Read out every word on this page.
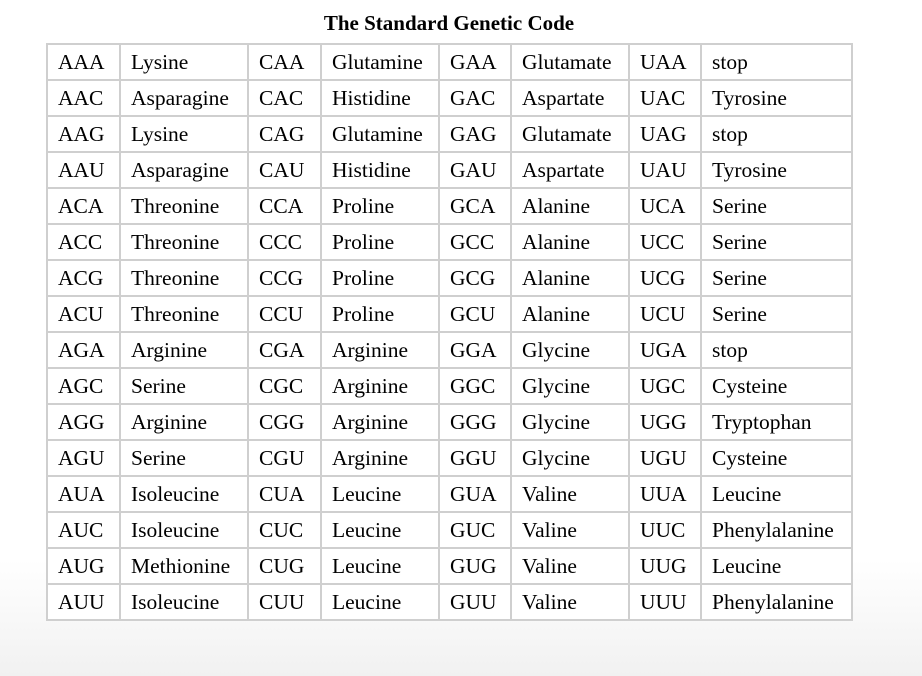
The Standard Genetic Code
AAA	Lysine	CAA	Glutamine	GAA	Glutamate	UAA	stop
AAC	Asparagine	CAC	Histidine	GAC	Aspartate	UAC	Tyrosine
AAG	Lysine	CAG	Glutamine	GAG	Glutamate	UAG	stop
AAU	Asparagine	CAU	Histidine	GAU	Aspartate	UAU	Tyrosine
ACA	Threonine	CCA	Proline	GCA	Alanine	UCA	Serine
ACC	Threonine	CCC	Proline	GCC	Alanine	UCC	Serine
ACG	Threonine	CCG	Proline	GCG	Alanine	UCG	Serine
ACU	Threonine	CCU	Proline	GCU	Alanine	UCU	Serine
AGA	Arginine	CGA	Arginine	GGA	Glycine	UGA	stop
AGC	Serine	CGC	Arginine	GGC	Glycine	UGC	Cysteine
AGG	Arginine	CGG	Arginine	GGG	Glycine	UGG	Tryptophan
AGU	Serine	CGU	Arginine	GGU	Glycine	UGU	Cysteine
AUA	Isoleucine	CUA	Leucine	GUA	Valine	UUA	Leucine
AUC	Isoleucine	CUC	Leucine	GUC	Valine	UUC	Phenylalanine
AUG	Methionine	CUG	Leucine	GUG	Valine	UUG	Leucine
AUU	Isoleucine	CUU	Leucine	GUU	Valine	UUU	Phenylalanine
